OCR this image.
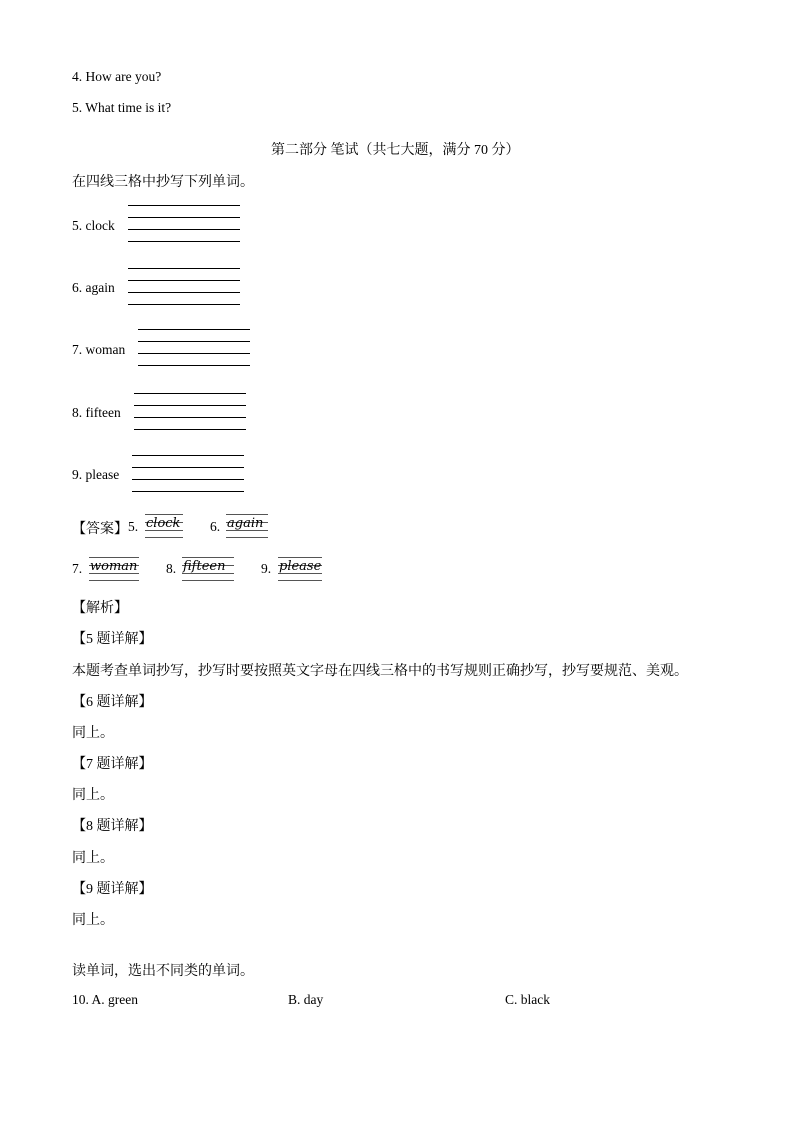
4. How are you?
5. What time is it?
第二部分 笔试（共七大题，满分 70 分）
在四线三格中抄写下列单词。
5. clock
6. again
7. woman
8. fifteen
9. please
【答案】 5. clock 6. again
7. woman 8. fifteen	9. please
【解析】
【5 题详解】
本题考查单词抄写，抄写时要按照英文字母在四线三格中的书写规则正确抄写，抄写要规范、美观。
【6 题详解】
同上。
【7 题详解】
同上。
【8 题详解】
同上。
【9 题详解】
同上。
读单词，选出不同类的单词。
10. A. green	B. day	C. black
